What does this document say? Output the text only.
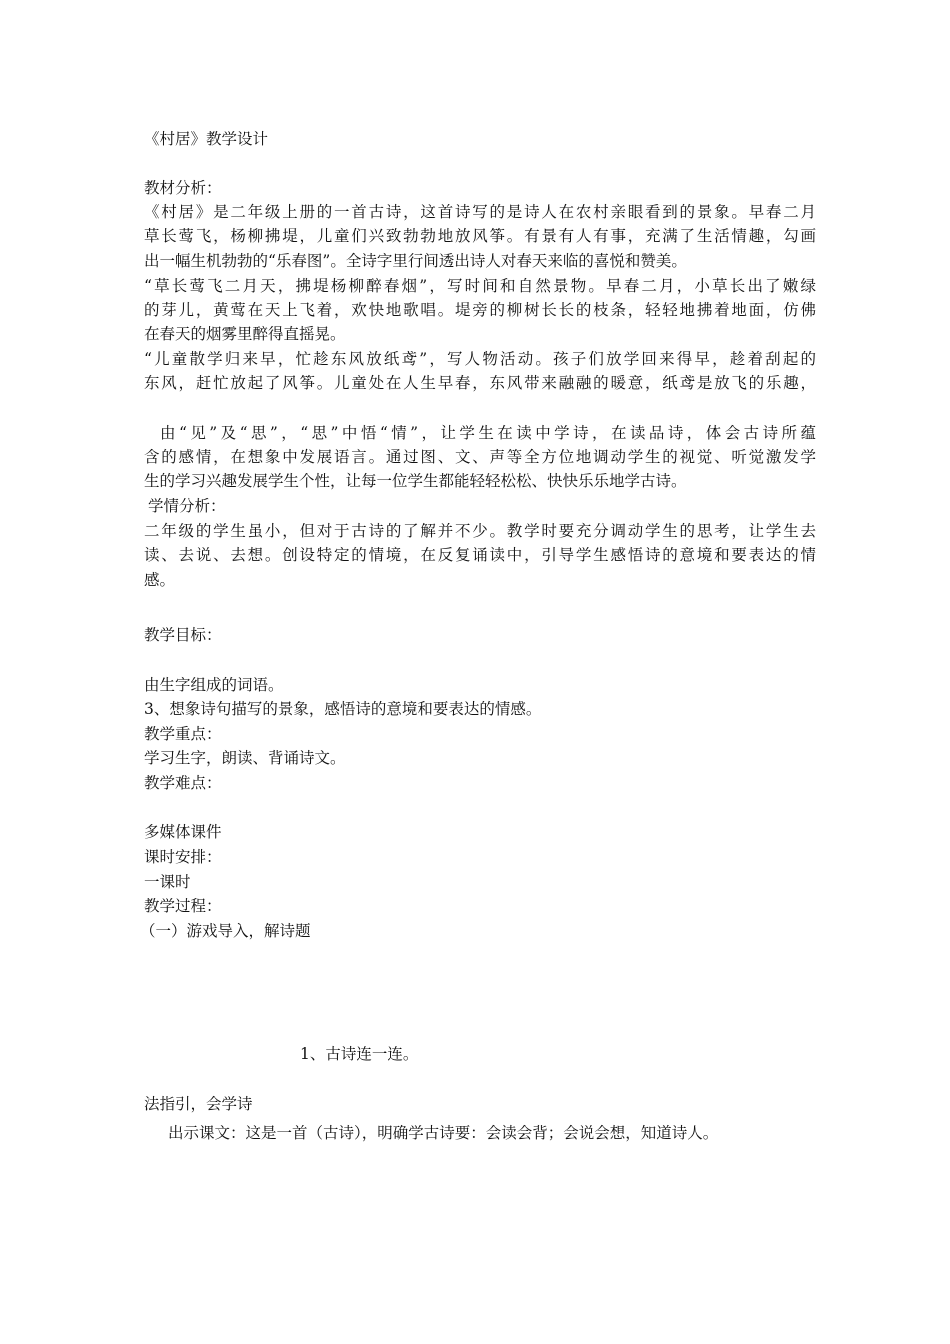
《村居》教学设计
教材分析：
《村居》是二年级上册的一首古诗，这首诗写的是诗人在农村亲眼看到的景象。早春二月
草长莺飞，杨柳拂堤，儿童们兴致勃勃地放风筝。有景有人有事，充满了生活情趣，勾画
出一幅生机勃勃的“乐春图”。全诗字里行间透出诗人对春天来临的喜悦和赞美。
“草长莺飞二月天，拂堤杨柳醉春烟”，写时间和自然景物。早春二月，小草长出了嫩绿
的芽儿，黄莺在天上飞着，欢快地歌唱。堤旁的柳树长长的枝条，轻轻地拂着地面，仿佛
在春天的烟雾里醉得直摇晃。
“儿童散学归来早，忙趁东风放纸鸢”，写人物活动。孩子们放学回来得早，趁着刮起的
东风，赶忙放起了风筝。儿童处在人生早春，东风带来融融的暖意，纸鸢是放飞的乐趣，
由“见”及“思”，“思”中悟“情”，让学生在读中学诗，在读品诗，体会古诗所蕴
含的感情，在想象中发展语言。通过图、文、声等全方位地调动学生的视觉、听觉激发学
生的学习兴趣发展学生个性，让每一位学生都能轻轻松松、快快乐乐地学古诗。
学情分析：
二年级的学生虽小，但对于古诗的了解并不少。教学时要充分调动学生的思考，让学生去
读、去说、去想。创设特定的情境，在反复诵读中，引导学生感悟诗的意境和要表达的情
感。
教学目标：
由生字组成的词语。
3、想象诗句描写的景象，感悟诗的意境和要表达的情感。
教学重点：
学习生字，朗读、背诵诗文。
教学难点：
多媒体课件
课时安排：
一课时
教学过程：
（一）游戏导入，解诗题
1、古诗连一连。
法指引，会学诗
出示课文：这是一首（古诗），明确学古诗要：会读会背；会说会想，知道诗人。
